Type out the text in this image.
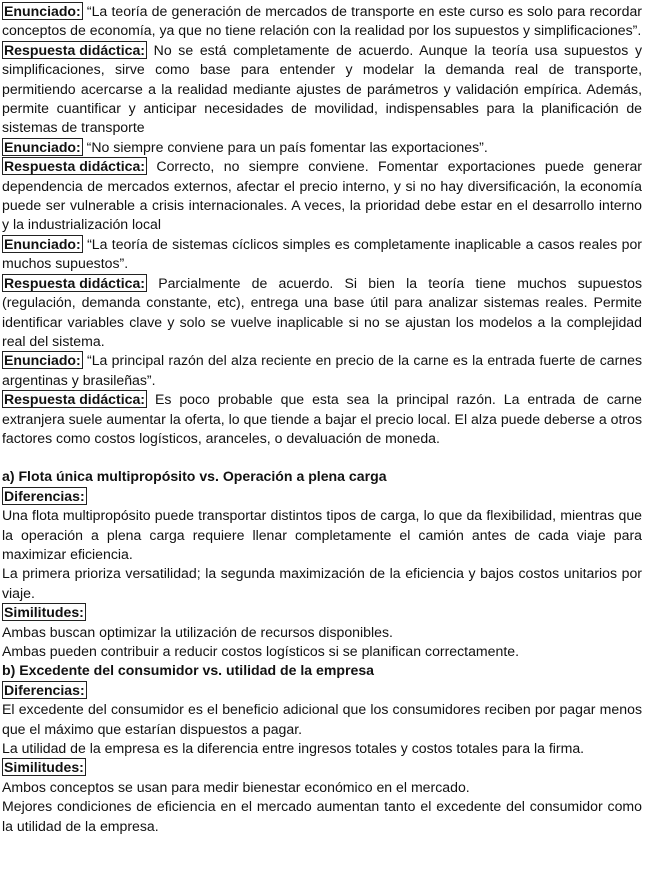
Enunciado: “La teoría de generación de mercados de transporte en este curso es solo para recordar conceptos de economía, ya que no tiene relación con la realidad por los supuestos y simplificaciones”.

Respuesta didáctica: No se está completamente de acuerdo. Aunque la teoría usa supuestos y simplificaciones, sirve como base para entender y modelar la demanda real de transporte, permitiendo acercarse a la realidad mediante ajustes de parámetros y validación empírica. Además, permite cuantificar y anticipar necesidades de movilidad, indispensables para la planificación de sistemas de transporte

Enunciado: “No siempre conviene para un país fomentar las exportaciones”.

Respuesta didáctica: Correcto, no siempre conviene. Fomentar exportaciones puede generar dependencia de mercados externos, afectar el precio interno, y si no hay diversificación, la economía puede ser vulnerable a crisis internacionales. A veces, la prioridad debe estar en el desarrollo interno y la industrialización local

Enunciado: “La teoría de sistemas cíclicos simples es completamente inaplicable a casos reales por muchos supuestos”.

Respuesta didáctica: Parcialmente de acuerdo. Si bien la teoría tiene muchos supuestos (regulación, demanda constante, etc), entrega una base útil para analizar sistemas reales. Permite identificar variables clave y solo se vuelve inaplicable si no se ajustan los modelos a la complejidad real del sistema.

Enunciado: “La principal razón del alza reciente en precio de la carne es la entrada fuerte de carnes argentinas y brasileñas”.

Respuesta didáctica: Es poco probable que esta sea la principal razón. La entrada de carne extranjera suele aumentar la oferta, lo que tiende a bajar el precio local. El alza puede deberse a otros factores como costos logísticos, aranceles, o devaluación de moneda.

a) Flota única multipropósito vs. Operación a plena carga

Diferencias:

Una flota multipropósito puede transportar distintos tipos de carga, lo que da flexibilidad, mientras que la operación a plena carga requiere llenar completamente el camión antes de cada viaje para maximizar eficiencia.

La primera prioriza versatilidad; la segunda maximización de la eficiencia y bajos costos unitarios por viaje.

Similitudes:

Ambas buscan optimizar la utilización de recursos disponibles.

Ambas pueden contribuir a reducir costos logísticos si se planifican correctamente.

b) Excedente del consumidor vs. utilidad de la empresa

Diferencias:

El excedente del consumidor es el beneficio adicional que los consumidores reciben por pagar menos que el máximo que estarían dispuestos a pagar.

La utilidad de la empresa es la diferencia entre ingresos totales y costos totales para la firma.

Similitudes:

Ambos conceptos se usan para medir bienestar económico en el mercado.

Mejores condiciones de eficiencia en el mercado aumentan tanto el excedente del consumidor como la utilidad de la empresa.
